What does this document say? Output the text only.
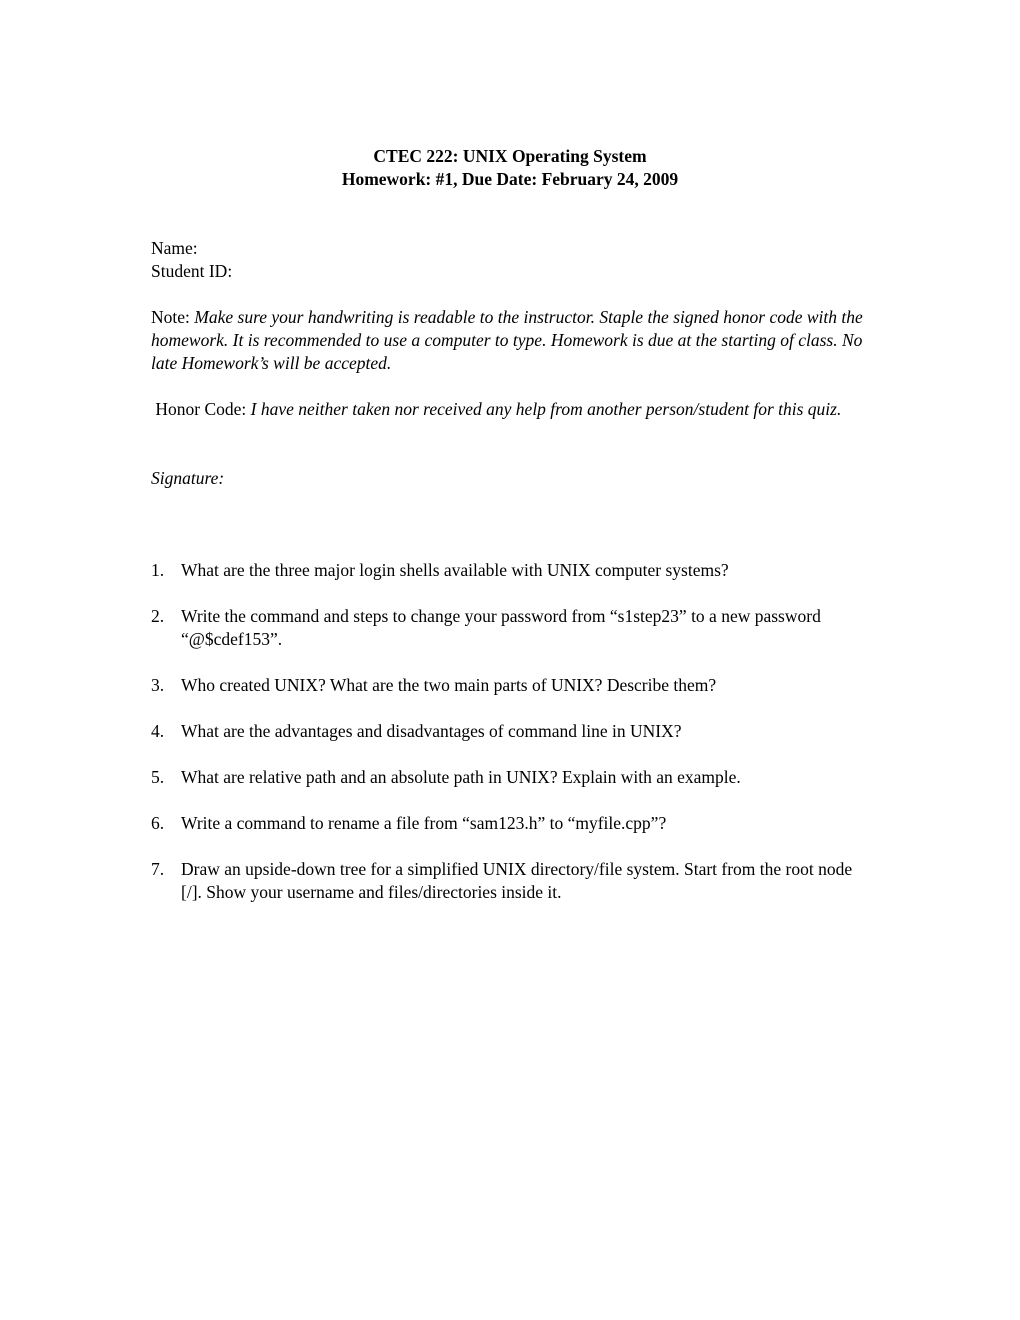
CTEC 222: UNIX Operating System
Homework: #1, Due Date: February 24, 2009
Name:
Student ID:
Note: Make sure your handwriting is readable to the instructor. Staple the signed honor code with the homework. It is recommended to use a computer to type. Homework is due at the starting of class. No late Homework’s will be accepted.
Honor Code: I have neither taken nor received any help from another person/student for this quiz.
Signature:
1. What are the three major login shells available with UNIX computer systems?
2. Write the command and steps to change your password from “s1step23” to a new password “@$cdef153”.
3. Who created UNIX? What are the two main parts of UNIX? Describe them?
4. What are the advantages and disadvantages of command line in UNIX?
5. What are relative path and an absolute path in UNIX? Explain with an example.
6. Write a command to rename a file from “sam123.h” to “myfile.cpp”?
7. Draw an upside-down tree for a simplified UNIX directory/file system. Start from the root node [/]. Show your username and files/directories inside it.
